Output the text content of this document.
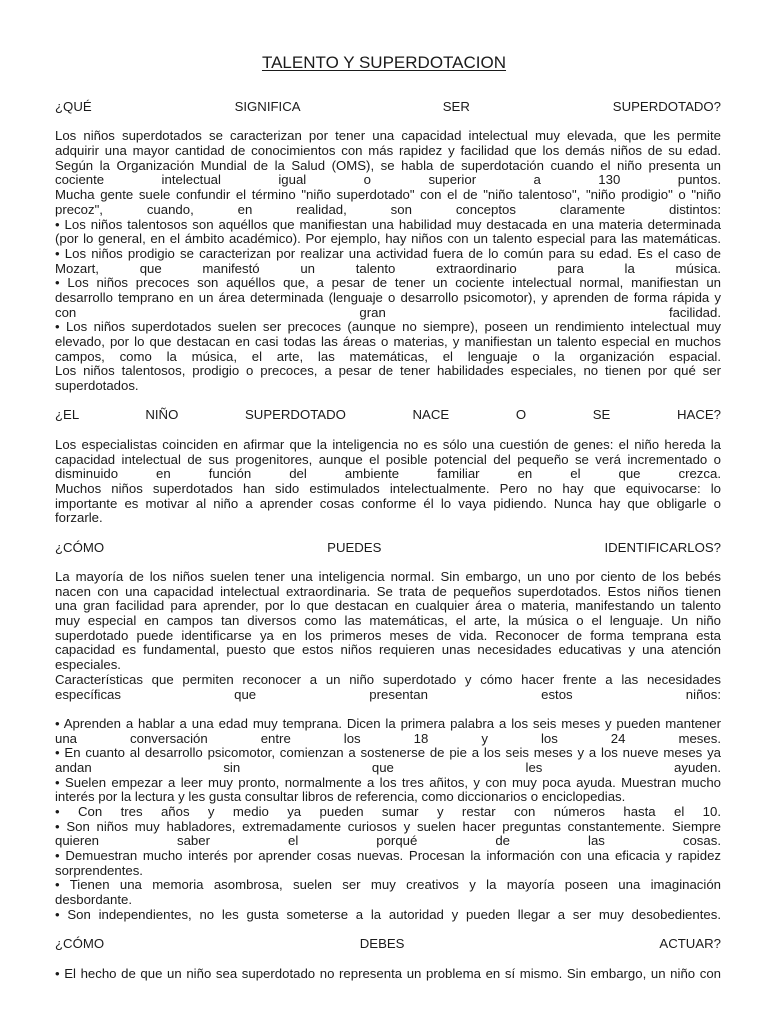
TALENTO Y SUPERDOTACION
¿QUÉ SIGNIFICA SER SUPERDOTADO?
Los niños superdotados se caracterizan por tener una capacidad intelectual muy elevada, que les permite
adquirir una mayor cantidad de conocimientos con más rapidez y facilidad que los demás niños de su edad.
Según la Organización Mundial de la Salud (OMS), se habla de superdotación cuando el niño presenta un
cociente intelectual igual o superior a 130 puntos.
Mucha gente suele confundir el término "niño superdotado" con el de "niño talentoso", "niño prodigio" o "niño
precoz", cuando, en realidad, son conceptos claramente distintos:
• Los niños talentosos son aquéllos que manifiestan una habilidad muy destacada en una materia determinada
(por lo general, en el ámbito académico). Por ejemplo, hay niños con un talento especial para las matemáticas.
• Los niños prodigio se caracterizan por realizar una actividad fuera de lo común para su edad. Es el caso de
Mozart, que manifestó un talento extraordinario para la música.
• Los niños precoces son aquéllos que, a pesar de tener un cociente intelectual normal, manifiestan un
desarrollo temprano en un área determinada (lenguaje o desarrollo psicomotor), y aprenden de forma rápida y
con gran facilidad.
• Los niños superdotados suelen ser precoces (aunque no siempre), poseen un rendimiento intelectual muy
elevado, por lo que destacan en casi todas las áreas o materias, y manifiestan un talento especial en muchos
campos, como la música, el arte, las matemáticas, el lenguaje o la organización espacial.
Los niños talentosos, prodigio o precoces, a pesar de tener habilidades especiales, no tienen por qué ser
superdotados.
¿EL NIÑO SUPERDOTADO NACE O SE HACE?
Los especialistas coinciden en afirmar que la inteligencia no es sólo una cuestión de genes: el niño hereda la
capacidad intelectual de sus progenitores, aunque el posible potencial del pequeño se verá incrementado o
disminuido en función del ambiente familiar en el que crezca.
Muchos niños superdotados han sido estimulados intelectualmente. Pero no hay que equivocarse: lo
importante es motivar al niño a aprender cosas conforme él lo vaya pidiendo. Nunca hay que obligarle o
forzarle.
¿CÓMO PUEDES IDENTIFICARLOS?
La mayoría de los niños suelen tener una inteligencia normal. Sin embargo, un uno por ciento de los bebés
nacen con una capacidad intelectual extraordinaria. Se trata de pequeños superdotados. Estos niños tienen
una gran facilidad para aprender, por lo que destacan en cualquier área o materia, manifestando un talento
muy especial en campos tan diversos como las matemáticas, el arte, la música o el lenguaje. Un niño
superdotado puede identificarse ya en los primeros meses de vida. Reconocer de forma temprana esta
capacidad es fundamental, puesto que estos niños requieren unas necesidades educativas y una atención
especiales.
Características que permiten reconocer a un niño superdotado y cómo hacer frente a las necesidades
específicas que presentan estos niños:
• Aprenden a hablar a una edad muy temprana. Dicen la primera palabra a los seis meses y pueden mantener
una conversación entre los 18 y los 24 meses.
• En cuanto al desarrollo psicomotor, comienzan a sostenerse de pie a los seis meses y a los nueve meses ya
andan sin que les ayuden.
• Suelen empezar a leer muy pronto, normalmente a los tres añitos, y con muy poca ayuda. Muestran mucho
interés por la lectura y les gusta consultar libros de referencia, como diccionarios o enciclopedias.
• Con tres años y medio ya pueden sumar y restar con números hasta el 10.
• Son niños muy habladores, extremadamente curiosos y suelen hacer preguntas constantemente. Siempre
quieren saber el porqué de las cosas.
• Demuestran mucho interés por aprender cosas nuevas. Procesan la información con una eficacia y rapidez
sorprendentes.
• Tienen una memoria asombrosa, suelen ser muy creativos y la mayoría poseen una imaginación
desbordante.
• Son independientes, no les gusta someterse a la autoridad y pueden llegar a ser muy desobedientes.
¿CÓMO DEBES ACTUAR?
• El hecho de que un niño sea superdotado no representa un problema en sí mismo. Sin embargo, un niño con
